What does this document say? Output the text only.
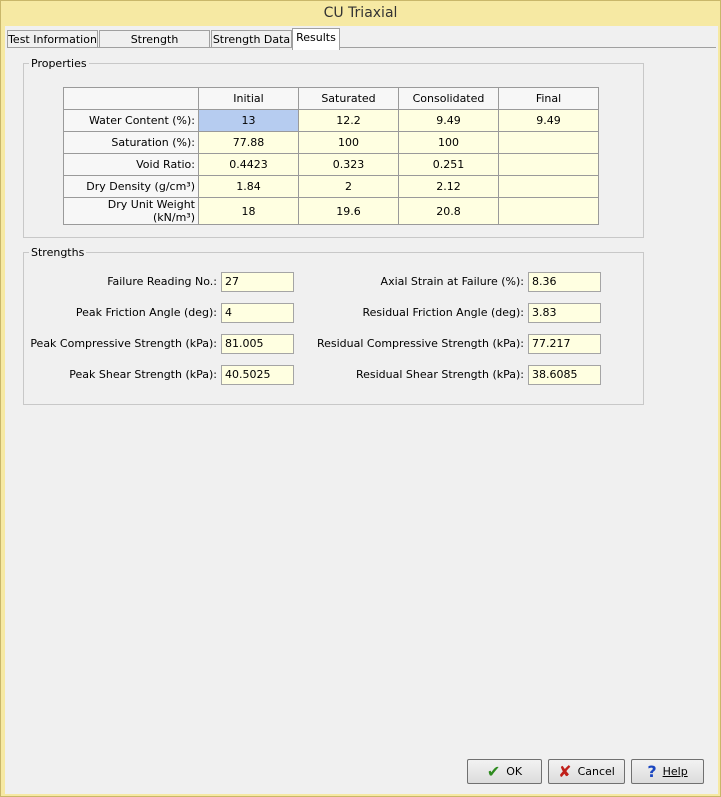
CU Triaxial
Test Information	Strength	Strength Data Results
Properties
	Initial	Saturated	Consolidated	Final
Water Content (%):	13	12.2	9.49	9.49
Saturation (%):	77.88	100	100	
Void Ratio:	0.4423	0.323	0.251	
Dry Density (g/cm³)	1.84	2	2.12	
Dry Unit Weight (kN/m³)	18	19.6	20.8	
Strengths
Failure Reading No.: 27
Peak Friction Angle (deg): 4
Peak Compressive Strength (kPa): 81.005
Peak Shear Strength (kPa): 40.5025
Axial Strain at Failure (%): 8.36
Residual Friction Angle (deg): 3.83
Residual Compressive Strength (kPa): 77.217
Residual Shear Strength (kPa): 38.6085
✔ OK ✘ Cancel ? Help
